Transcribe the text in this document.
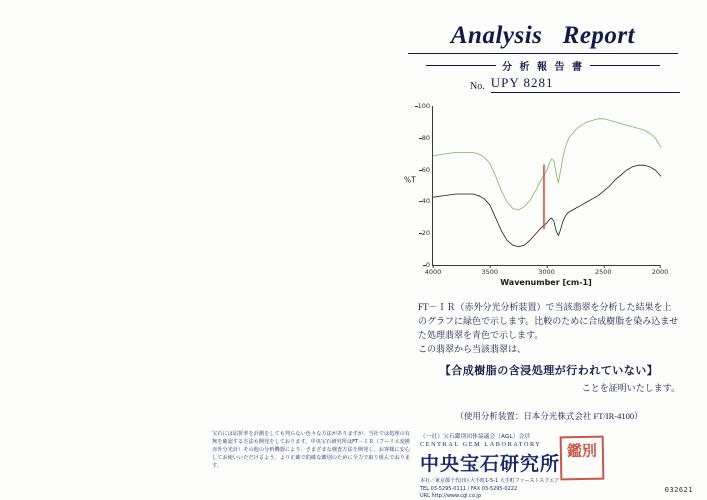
Analysis   Report
分 析 報 告 書
No. UPY 8281
%T
100
80
60
40
20
0
4000	3500	3000	2500	2000
Wavenumber [cm-1]

FT－ＩＲ（赤外分光分析装置）で当該翡翠を分析した結果を上

のグラフに緑色で示します。比較のために合成樹脂を染み込ませ

た処理翡翠を青色で示します。

この翡翠から当該翡翠は、

【合成樹脂の含浸処理が行われていない】
ことを証明いたします。
（使用分析装置：日本分光株式会社 FT/IR-4100）
宝石には屈折率を計測をしても判らない色々な方法がありますが、当社では処理の有無を確認する方法も開発をしております。中央宝石研究所はFT－ＩＲ（フーリエ変換赤外分光計）その他の分析機器により、さまざまな検査方法を開発し、お客様に安心してお使いいただけるよう、より正確で的確な鑑別のために全力で取り組んでおります。
（一社）宝石鑑別団体協議会（AGL）会員
CENTRAL GEM LABORATORY
中央宝石研究所
本社／東京都千代田区大手町1-5-1 大手町ファーストスクエア
TEL 03-5295-0111 / FAX 03-5295-0222
URL http://www.cgl.co.jp
鑑別
032621
